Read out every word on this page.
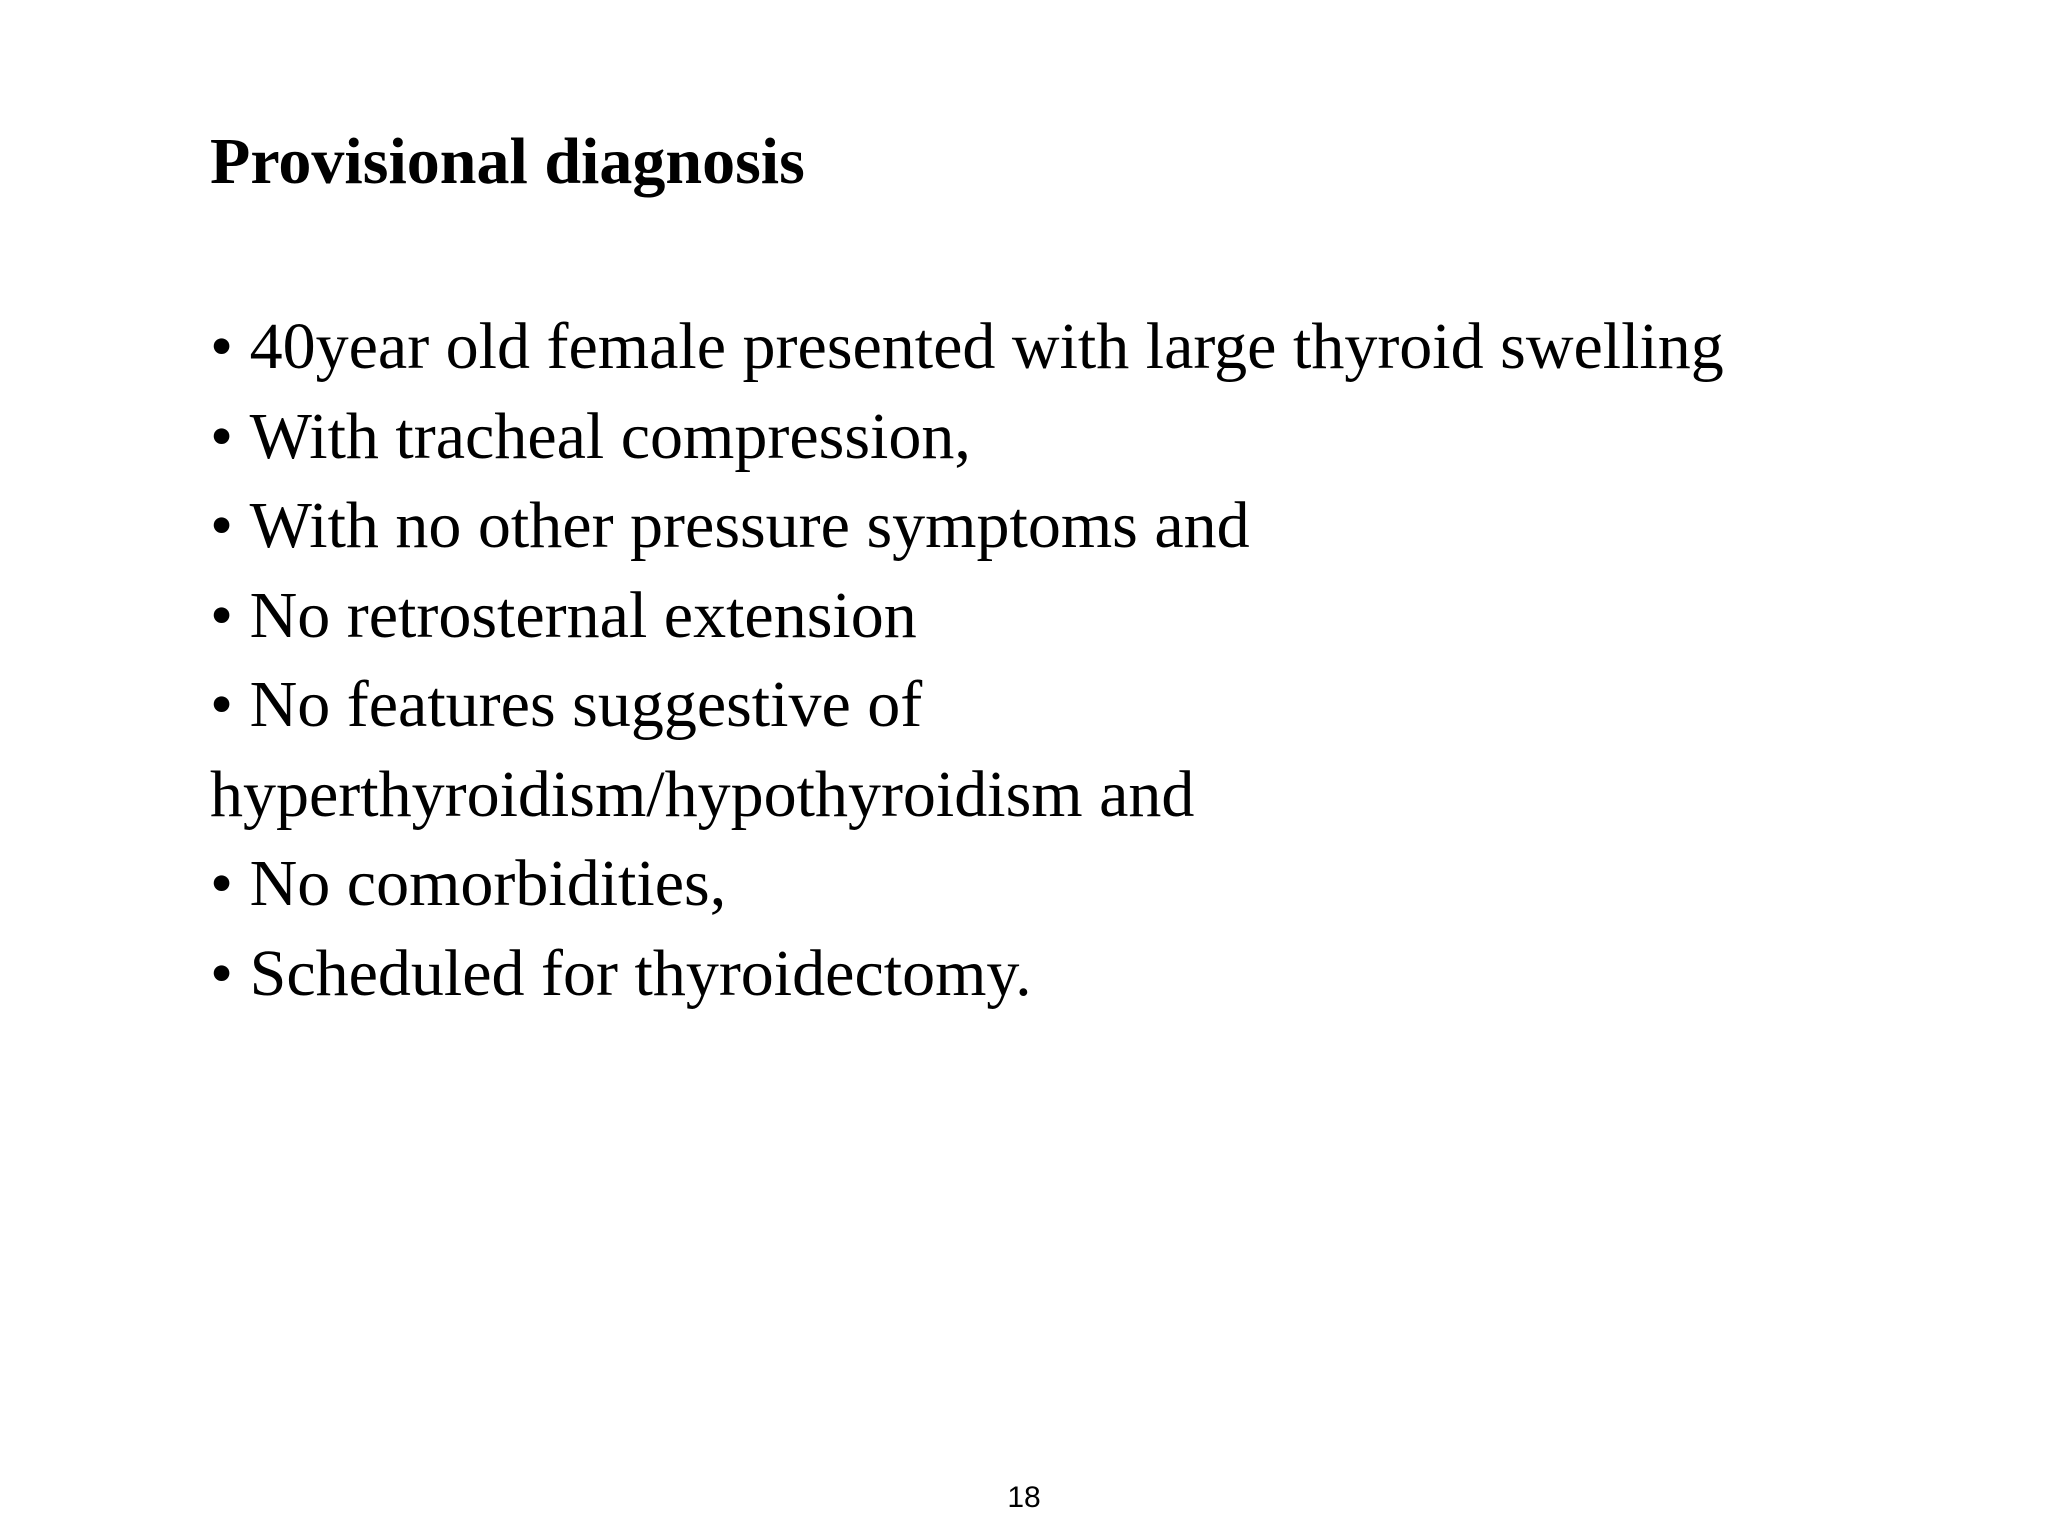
Provisional diagnosis
• 40year old female presented with large thyroid swelling
• With tracheal compression,
• With no other pressure symptoms and
• No retrosternal extension
• No features suggestive of hyperthyroidism/hypothyroidism and
• No comorbidities,
• Scheduled for thyroidectomy.
18
